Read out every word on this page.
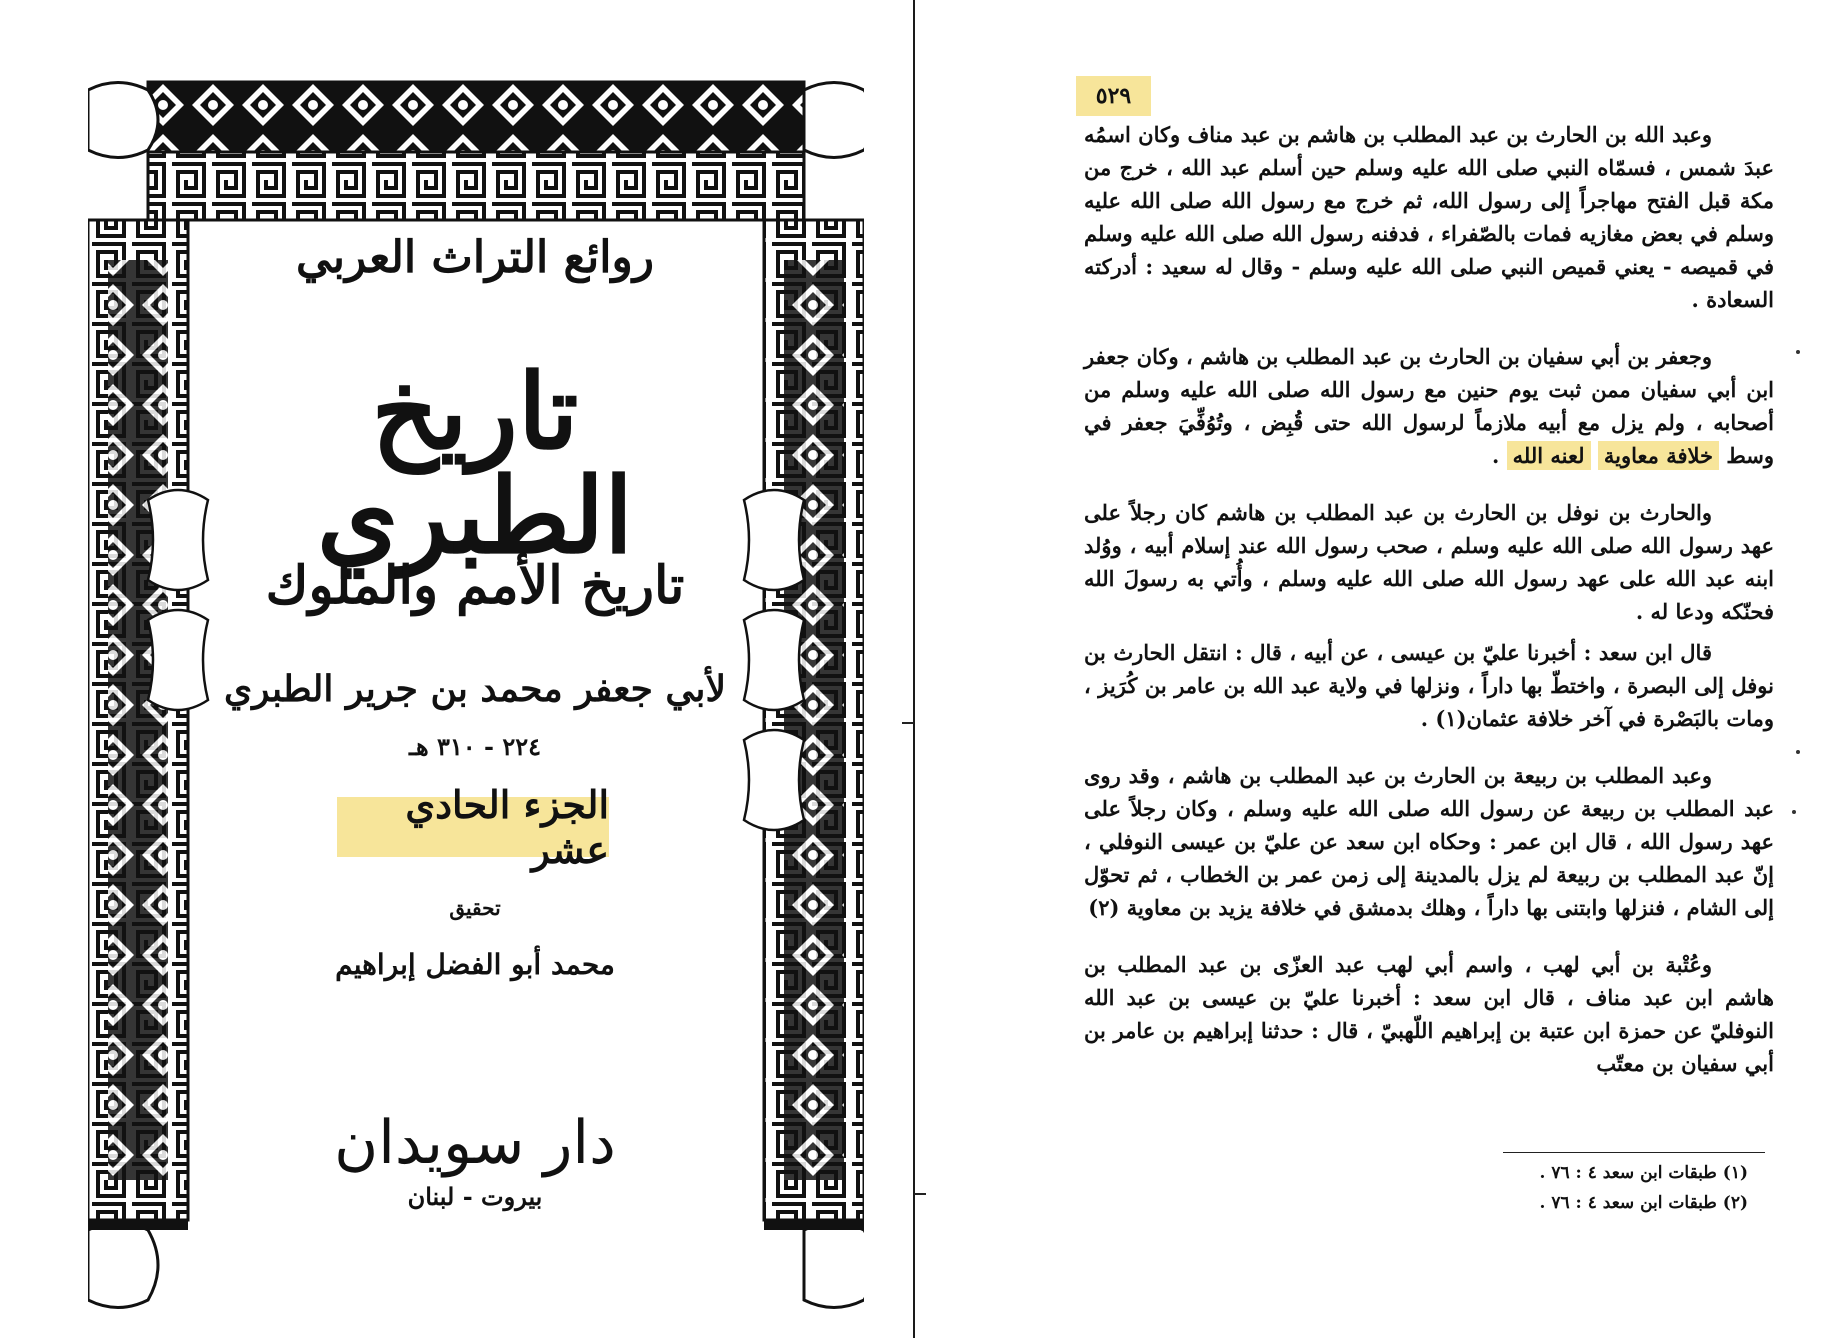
روائع التراث العربي
تاريخ الطبري
تاريخ الأمم والملوك
لأبي جعفر محمد بن جرير الطبري
٢٢٤ - ٣١٠ هـ
الجزء الحادي عشر
تحقيق
محمد أبو الفضل إبراهيم
دار سويدان
بيروت - لبنان
٥٢٩

وعبد الله بن الحارث بن عبد المطلب بن هاشم بن عبد مناف وكان اسمُه عبدَ شمس ، فسمّاه النبي صلى الله عليه وسلم حين أسلم عبد الله ، خرج من مكة قبل الفتح مهاجراً إلى رسول الله، ثم خرج مع رسول الله صلى الله عليه وسلم في بعض مغازيه فمات بالصّفراء ، فدفنه رسول الله صلى الله عليه وسلم في قميصه - يعني قميص النبي صلى الله عليه وسلم - وقال له سعيد : أدركته السعادة .

وجعفر بن أبي سفيان بن الحارث بن عبد المطلب بن هاشم ، وكان جعفر ابن أبي سفيان ممن ثبت يوم حنين مع رسول الله صلى الله عليه وسلم من أصحابه ، ولم يزل مع أبيه ملازماً لرسول الله حتى قُبِض ، وتُوُفِّيَ جعفر في وسط خلافة معاوية لعنه الله .

والحارث بن نوفل بن الحارث بن عبد المطلب بن هاشم كان رجلاً على عهد رسول الله صلى الله عليه وسلم ، صحب رسول الله عند إسلام أبيه ، ووُلد ابنه عبد الله على عهد رسول الله صلى الله عليه وسلم ، وأُتي به رسولَ الله فحنّكه ودعا له .

قال ابن سعد : أخبرنا عليّ بن عيسى ، عن أبيه ، قال : انتقل الحارث بن نوفل إلى البصرة ، واختطّ بها داراً ، ونزلها في ولاية عبد الله بن عامر بن كُرَيز ، ومات بالبَصْرة في آخر خلافة عثمان(١) .

وعبد المطلب بن ربيعة بن الحارث بن عبد المطلب بن هاشم ، وقد روى عبد المطلب بن ربيعة عن رسول الله صلى الله عليه وسلم ، وكان رجلاً على عهد رسول الله ، قال ابن عمر : وحكاه ابن سعد عن عليّ بن عيسى النوفلي ، إنّ عبد المطلب بن ربيعة لم يزل بالمدينة إلى زمن عمر بن الخطاب ، ثم تحوّل إلى الشام ، فنزلها وابتنى بها داراً ، وهلك بدمشق في خلافة يزيد بن معاوية (٢)

وعُتْبة بن أبي لهب ، واسم أبي لهب عبد العزّى بن عبد المطلب بن هاشم ابن عبد مناف ، قال ابن سعد : أخبرنا عليّ بن عيسى بن عبد الله النوفليّ عن حمزة ابن عتبة بن إبراهيم اللّهبيّ ، قال : حدثنا إبراهيم بن عامر بن أبي سفيان بن معتّب

(١) طبقات ابن سعد ٤ : ٧٦ .
(٢) طبقات ابن سعد ٤ : ٧٦ .
